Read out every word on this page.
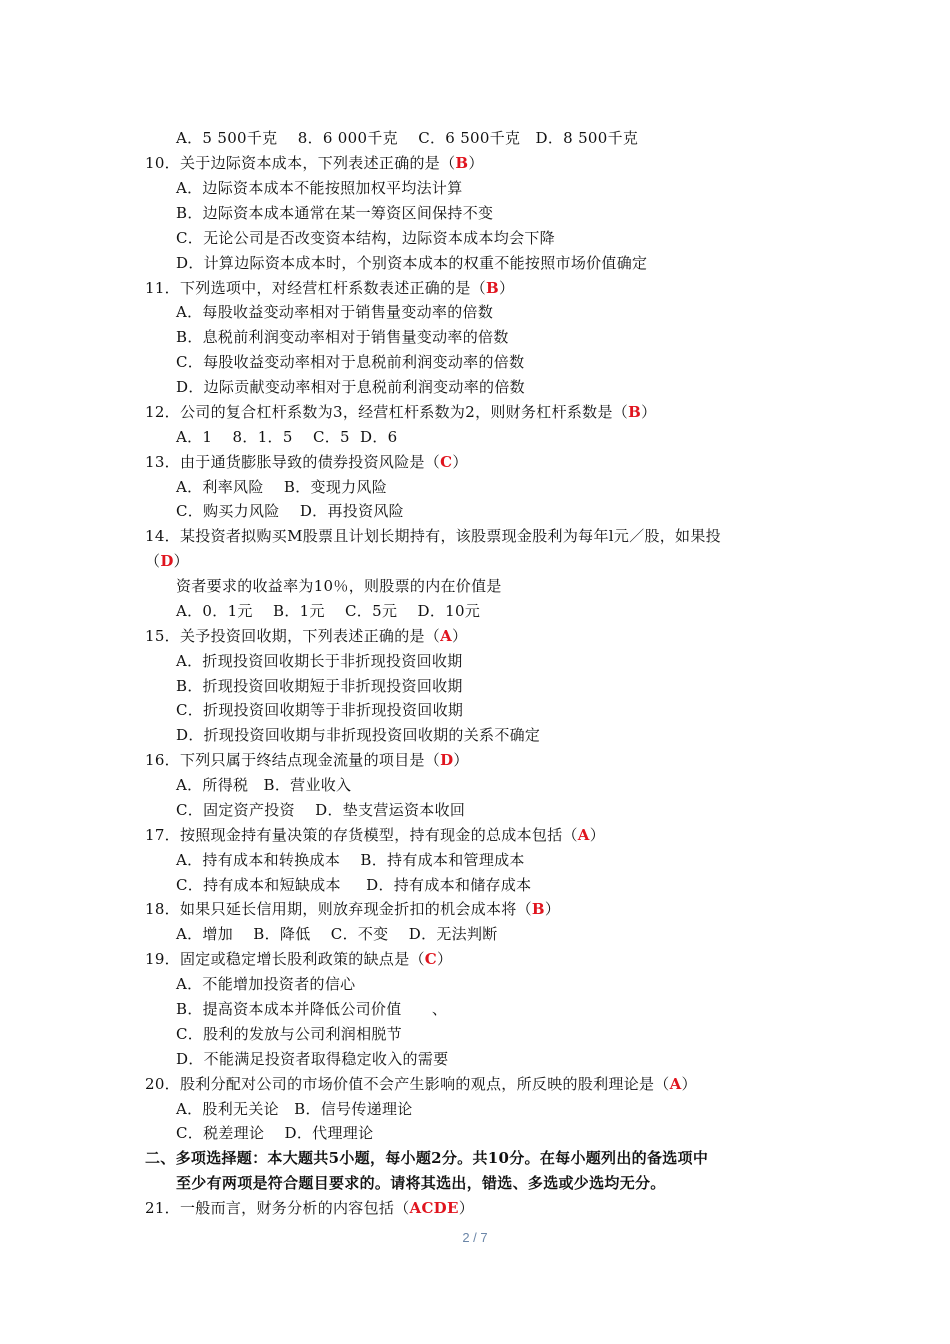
A．5 500千克    8．6 000千克    C．6 500千克   D．8 500千克
10．关于边际资本成本，下列表述正确的是（B）
A．边际资本成本不能按照加权平均法计算
B．边际资本成本通常在某一筹资区间保持不变
C．无论公司是否改变资本结构，边际资本成本均会下降
D．计算边际资本成本时，个别资本成本的权重不能按照市场价值确定
11．下列选项中，对经营杠杆系数表述正确的是（B）
A．每股收益变动率相对于销售量变动率的倍数
B．息税前利润变动率相对于销售量变动率的倍数
C．每股收益变动率相对于息税前利润变动率的倍数
D．边际贡献变动率相对于息税前利润变动率的倍数
12．公司的复合杠杆系数为3，经营杠杆系数为2，则财务杠杆系数是（B）
A．1    8．1．5    C．5  D．6
13．由于通货膨胀导致的债券投资风险是（C）
A．利率风险    B．变现力风险
C．购买力风险    D．再投资风险
14．某投资者拟购买M股票且计划长期持有，该股票现金股利为每年l元／股，如果投
（D）
资者要求的收益率为10％，则股票的内在价值是
A．0．1元    B．1元    C．5元    D．10元
15．关予投资回收期，下列表述正确的是（A）
A．折现投资回收期长于非折现投资回收期
B．折现投资回收期短于非折现投资回收期
C．折现投资回收期等于非折现投资回收期
D．折现投资回收期与非折现投资回收期的关系不确定
16．下列只属于终结点现金流量的项目是（D）
A．所得税   B．营业收入
C．固定资产投资    D．垫支营运资本收回
17．按照现金持有量决策的存货模型，持有现金的总成本包括（A）
A．持有成本和转换成本    B．持有成本和管理成本
C．持有成本和短缺成本     D．持有成本和储存成本
18．如果只延长信用期，则放弃现金折扣的机会成本将（B）
A．增加    B．降低    C．不变    D．无法判断
19．固定或稳定增长股利政策的缺点是（C）
A．不能增加投资者的信心
B．提高资本成本并降低公司价值      、
C．股利的发放与公司利润相脱节
D．不能满足投资者取得稳定收入的需要
20．股利分配对公司的市场价值不会产生影响的观点，所反映的股利理论是（A）
A．股利无关论   B．信号传递理论
C．税差理论    D．代理理论
二、多项选择题：本大题共5小题，每小题2分。共10分。在每小题列出的备选项中
至少有两项是符合题目要求的。请将其选出，错选、多选或少选均无分。
21．一般而言，财务分析的内容包括（ACDE）
2 / 7
